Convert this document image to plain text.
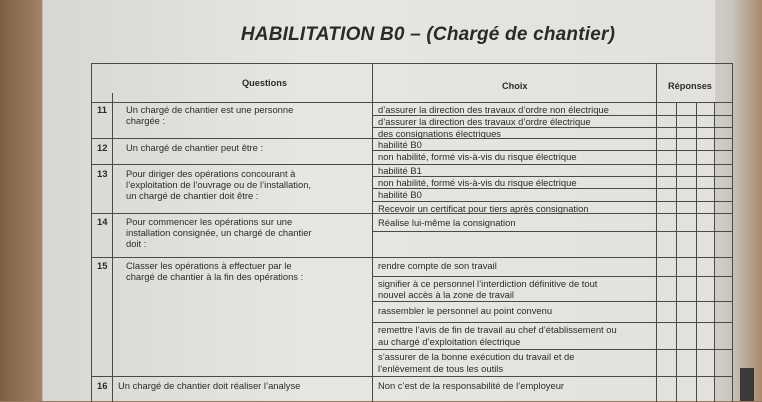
HABILITATION B0 – (Chargé de chantier)
Questions	Choix	Réponses
11
12
13
14
15
16
Un chargé de chantier est une personne
chargée :
Un chargé de chantier peut être :
Pour diriger des opérations concourant à
l’exploitation de l’ouvrage ou de l’installation,
un chargé de chantier doit être :
Pour commencer les opérations sur une
installation consignée, un chargé de chantier
doit :
Classer les opérations à effectuer par le
chargé de chantier à la fin des opérations :
Un chargé de chantier doit réaliser l’analyse
d’assurer la direction des travaux d’ordre non électrique
d’assurer la direction des travaux d’ordre électrique
des consignations électriques
habilité B0
non habilité, formé vis-à-vis du risque électrique
habilité B1
non habilité, formé vis-à-vis du risque électrique
habilité B0
Recevoir un certificat pour tiers après consignation
Réalise lui-même la consignation
rendre compte de son travail
signifier à ce personnel l’interdiction définitive de tout
nouvel accès à la zone de travail
rassembler le personnel au point convenu
remettre l’avis de fin de travail au chef d’établissement ou
au chargé d’exploitation électrique
s’assurer de la bonne exécution du travail et de
l’enlèvement de tous les outils
Non c’est de la responsabilité de l’employeur
